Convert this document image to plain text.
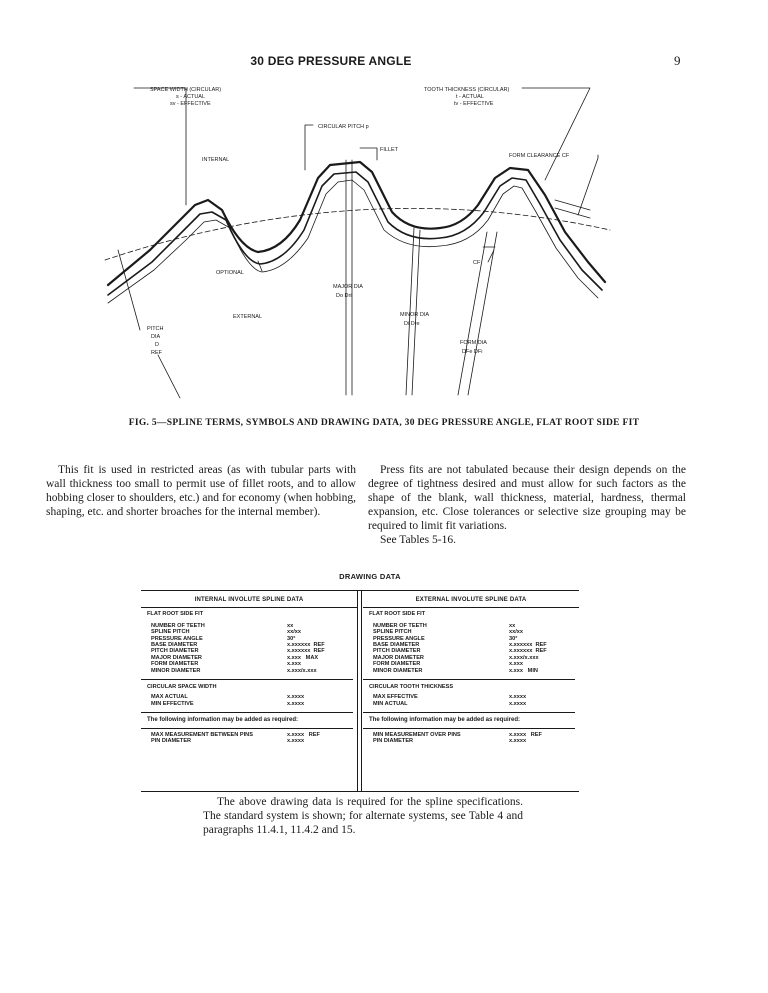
30 DEG PRESSURE ANGLE	9
SPACE WIDTH (CIRCULAR)
s - ACTUAL
sv - EFFECTIVE
TOOTH THICKNESS (CIRCULAR)
t - ACTUAL
tv - EFFECTIVE
CIRCULAR PITCH p
FILLET
FORM CLEARANCE CF
INTERNAL
OPTIONAL
CF
MAJOR DIA
Do Dri
EXTERNAL	MINOR DIA
Di Dre
PITCH
DIA
D
REF
FORM DIA
DFe DFi
FIG. 5—SPLINE TERMS, SYMBOLS AND DRAWING DATA, 30 DEG PRESSURE ANGLE, FLAT ROOT SIDE FIT
This fit is used in restricted areas (as with tubular parts with wall thickness too small to permit use of fillet roots, and to allow hobbing closer to shoulders, etc.) and for economy (when hobbing, shaping, etc. and shorter broaches for the internal member).
Press fits are not tabulated because their design depends on the degree of tightness desired and must allow for such factors as the shape of the blank, wall thickness, material, hardness, thermal expansion, etc. Close tolerances or selective size grouping may be required to limit fit variations.
See Tables 5-16.
DRAWING DATA
INTERNAL INVOLUTE SPLINE DATA
FLAT ROOT SIDE FIT
NUMBER OF TEETH	xx
SPLINE PITCH	xx/xx
PRESSURE ANGLE	30°
BASE DIAMETER	x.xxxxxx  REF
PITCH DIAMETER	x.xxxxxx  REF
MAJOR DIAMETER	x.xxx   MAX
FORM DIAMETER	x.xxx
MINOR DIAMETER	x.xxx/x.xxx
CIRCULAR SPACE WIDTH
MAX ACTUAL	x.xxxx
MIN EFFECTIVE	x.xxxx
The following information may be added as required:
MAX MEASUREMENT BETWEEN PINS	x.xxxx   REF
PIN DIAMETER	x.xxxx
EXTERNAL INVOLUTE SPLINE DATA
FLAT ROOT SIDE FIT
NUMBER OF TEETH	xx
SPLINE PITCH	xx/xx
PRESSURE ANGLE	30°
BASE DIAMETER	x.xxxxxx  REF
PITCH DIAMETER	x.xxxxxx  REF
MAJOR DIAMETER	x.xxx/x.xxx
FORM DIAMETER	x.xxx
MINOR DIAMETER	x.xxx   MIN
CIRCULAR TOOTH THICKNESS
MAX EFFECTIVE	x.xxxx
MIN ACTUAL	x.xxxx
The following information may be added as required:
MIN MEASUREMENT OVER PINS	x.xxxx   REF
PIN DIAMETER	x.xxxx
The above drawing data is required for the spline specifications. The standard system is shown; for alternate systems, see Table 4 and paragraphs 11.4.1, 11.4.2 and 15.
